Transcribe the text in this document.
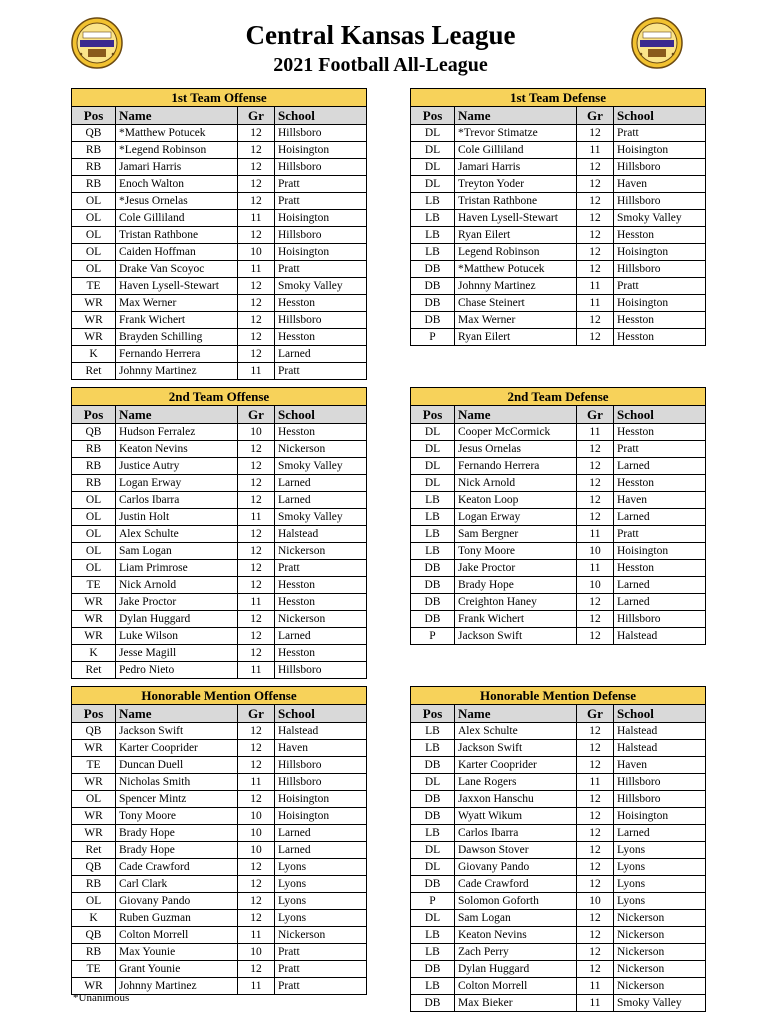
Central Kansas League
2021 Football All-League
1st Team Offense			
Pos	Name	Gr	School
QB	*Matthew Potucek	12	Hillsboro
RB	*Legend Robinson	12	Hoisington
RB	Jamari Harris	12	Hillsboro
RB	Enoch Walton	12	Pratt
OL	*Jesus Ornelas	12	Pratt
OL	Cole Gilliland	11	Hoisington
OL	Tristan Rathbone	12	Hillsboro
OL	Caiden Hoffman	10	Hoisington
OL	Drake Van Scoyoc	11	Pratt
TE	Haven Lysell-Stewart	12	Smoky Valley
WR	Max Werner	12	Hesston
WR	Frank Wichert	12	Hillsboro
WR	Brayden Schilling	12	Hesston
K	Fernando Herrera	12	Larned
Ret	Johnny Martinez	11	Pratt
1st Team Defense			
Pos	Name	Gr	School
DL	*Trevor Stimatze	12	Pratt
DL	Cole Gilliland	11	Hoisington
DL	Jamari Harris	12	Hillsboro
DL	Treyton Yoder	12	Haven
LB	Tristan Rathbone	12	Hillsboro
LB	Haven Lysell-Stewart	12	Smoky Valley
LB	Ryan Eilert	12	Hesston
LB	Legend Robinson	12	Hoisington
DB	*Matthew Potucek	12	Hillsboro
DB	Johnny Martinez	11	Pratt
DB	Chase Steinert	11	Hoisington
DB	Max Werner	12	Hesston
P	Ryan Eilert	12	Hesston
2nd Team Offense			
Pos	Name	Gr	School
QB	Hudson Ferralez	10	Hesston
RB	Keaton Nevins	12	Nickerson
RB	Justice Autry	12	Smoky Valley
RB	Logan Erway	12	Larned
OL	Carlos Ibarra	12	Larned
OL	Justin Holt	11	Smoky Valley
OL	Alex Schulte	12	Halstead
OL	Sam Logan	12	Nickerson
OL	Liam Primrose	12	Pratt
TE	Nick Arnold	12	Hesston
WR	Jake Proctor	11	Hesston
WR	Dylan Huggard	12	Nickerson
WR	Luke Wilson	12	Larned
K	Jesse Magill	12	Hesston
Ret	Pedro Nieto	11	Hillsboro
2nd Team Defense			
Pos	Name	Gr	School
DL	Cooper McCormick	11	Hesston
DL	Jesus Ornelas	12	Pratt
DL	Fernando Herrera	12	Larned
DL	Nick Arnold	12	Hesston
LB	Keaton Loop	12	Haven
LB	Logan Erway	12	Larned
LB	Sam Bergner	11	Pratt
LB	Tony Moore	10	Hoisington
DB	Jake Proctor	11	Hesston
DB	Brady Hope	10	Larned
DB	Creighton Haney	12	Larned
DB	Frank Wichert	12	Hillsboro
P	Jackson Swift	12	Halstead
Honorable Mention Offense			
Pos	Name	Gr	School
QB	Jackson Swift	12	Halstead
WR	Karter Cooprider	12	Haven
TE	Duncan Duell	12	Hillsboro
WR	Nicholas Smith	11	Hillsboro
OL	Spencer Mintz	12	Hoisington
WR	Tony Moore	10	Hoisington
WR	Brady Hope	10	Larned
Ret	Brady Hope	10	Larned
QB	Cade Crawford	12	Lyons
RB	Carl Clark	12	Lyons
OL	Giovany Pando	12	Lyons
K	Ruben Guzman	12	Lyons
QB	Colton Morrell	11	Nickerson
RB	Max Younie	10	Pratt
TE	Grant Younie	12	Pratt
WR	Johnny Martinez	11	Pratt
Honorable Mention Defense			
Pos	Name	Gr	School
LB	Alex Schulte	12	Halstead
LB	Jackson Swift	12	Halstead
DB	Karter Cooprider	12	Haven
DL	Lane Rogers	11	Hillsboro
DB	Jaxxon Hanschu	12	Hillsboro
DB	Wyatt Wikum	12	Hoisington
LB	Carlos Ibarra	12	Larned
DL	Dawson Stover	12	Lyons
DL	Giovany Pando	12	Lyons
DB	Cade Crawford	12	Lyons
P	Solomon Goforth	10	Lyons
DL	Sam Logan	12	Nickerson
LB	Keaton Nevins	12	Nickerson
LB	Zach Perry	12	Nickerson
DB	Dylan Huggard	12	Nickerson
LB	Colton Morrell	11	Nickerson
DB	Max Bieker	11	Smoky Valley
*Unanimous
